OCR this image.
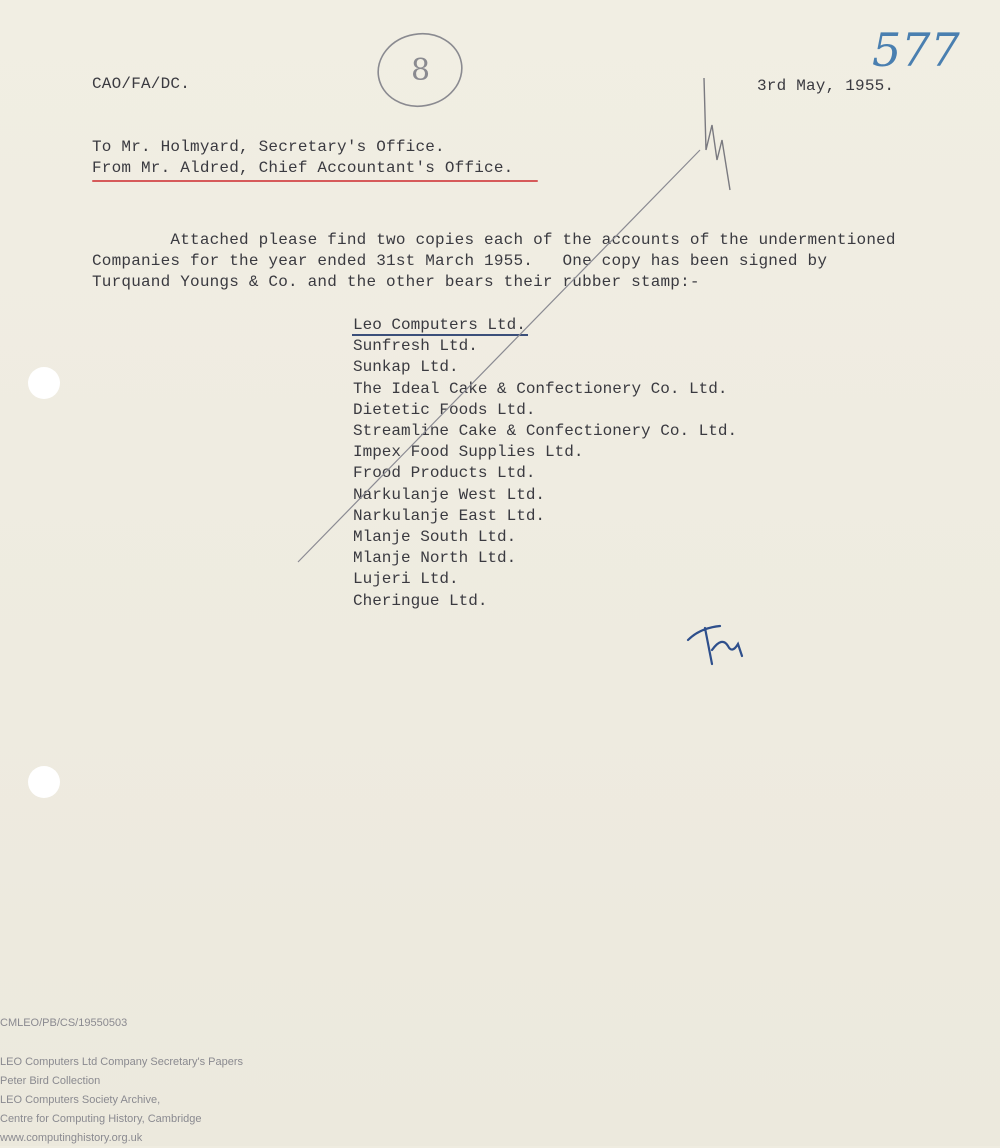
CAO/FA/DC.	3rd May, 1955.
To Mr. Holmyard, Secretary's Office.
From Mr. Aldred, Chief Accountant's Office.
Attached please find two copies each of the accounts of the undermentioned
Companies for the year ended 31st March 1955.   One copy has been signed by
Turquand Youngs & Co. and the other bears their rubber stamp:-
Leo Computers Ltd.
Sunfresh Ltd.
Sunkap Ltd.
The Ideal Cake & Confectionery Co. Ltd.
Dietetic Foods Ltd.
Streamline Cake & Confectionery Co. Ltd.
Impex Food Supplies Ltd.
Frood Products Ltd.
Narkulanje West Ltd.
Narkulanje East Ltd.
Mlanje South Ltd.
Mlanje North Ltd.
Lujeri Ltd.
Cheringue Ltd.
577
8
CMLEO/PB/CS/19550503
LEO Computers Ltd Company Secretary's Papers
Peter Bird Collection
LEO Computers Society Archive,
Centre for Computing History, Cambridge
www.computinghistory.org.uk
